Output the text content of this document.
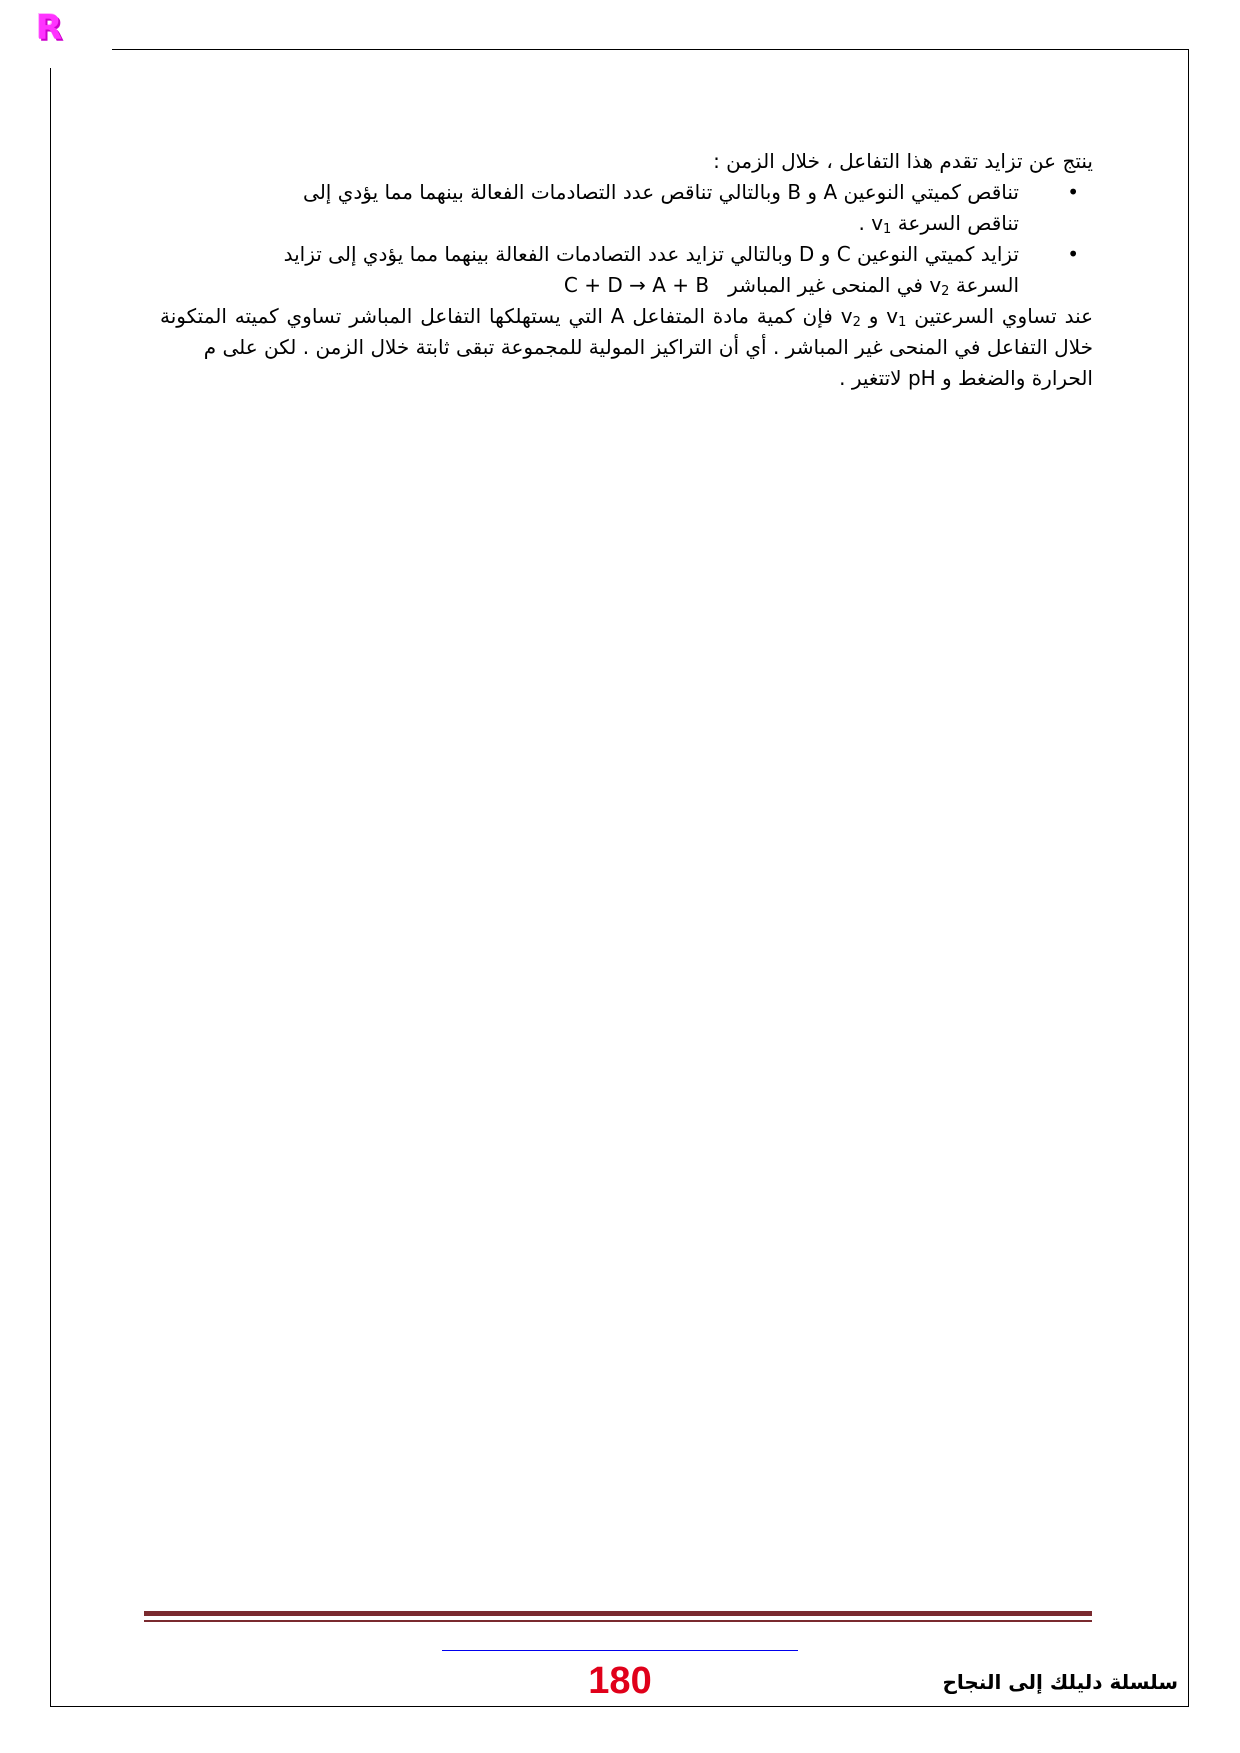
R

ينتج عن تزايد تقدم هذا التفاعل ، خلال الزمن :

•
تناقص كميتي النوعين A و B وبالتالي تناقص عدد التصادمات الفعالة بينهما مما يؤدي إلى
تناقص السرعة $v_1$ .
•
تزايد كميتي النوعين C و D وبالتالي تزايد عدد التصادمات الفعالة بينهما مما يؤدي إلى تزايد
السرعة $v_2$ في المنحى غير المباشر   C + D → A + B

عند تساوي السرعتين $v_1$ و $v_2$ فإن كمية مادة المتفاعل A التي يستهلكها التفاعل المباشر تساوي كميته المتكونة خلال التفاعل في المنحى غير المباشر . أي أن التراكيز المولية للمجموعة تبقى ثابتة خلال الزمن . لكن على م

الحرارة والضغط و pH لاتتغير .

180	سلسلة دليلك إلى النجاح
